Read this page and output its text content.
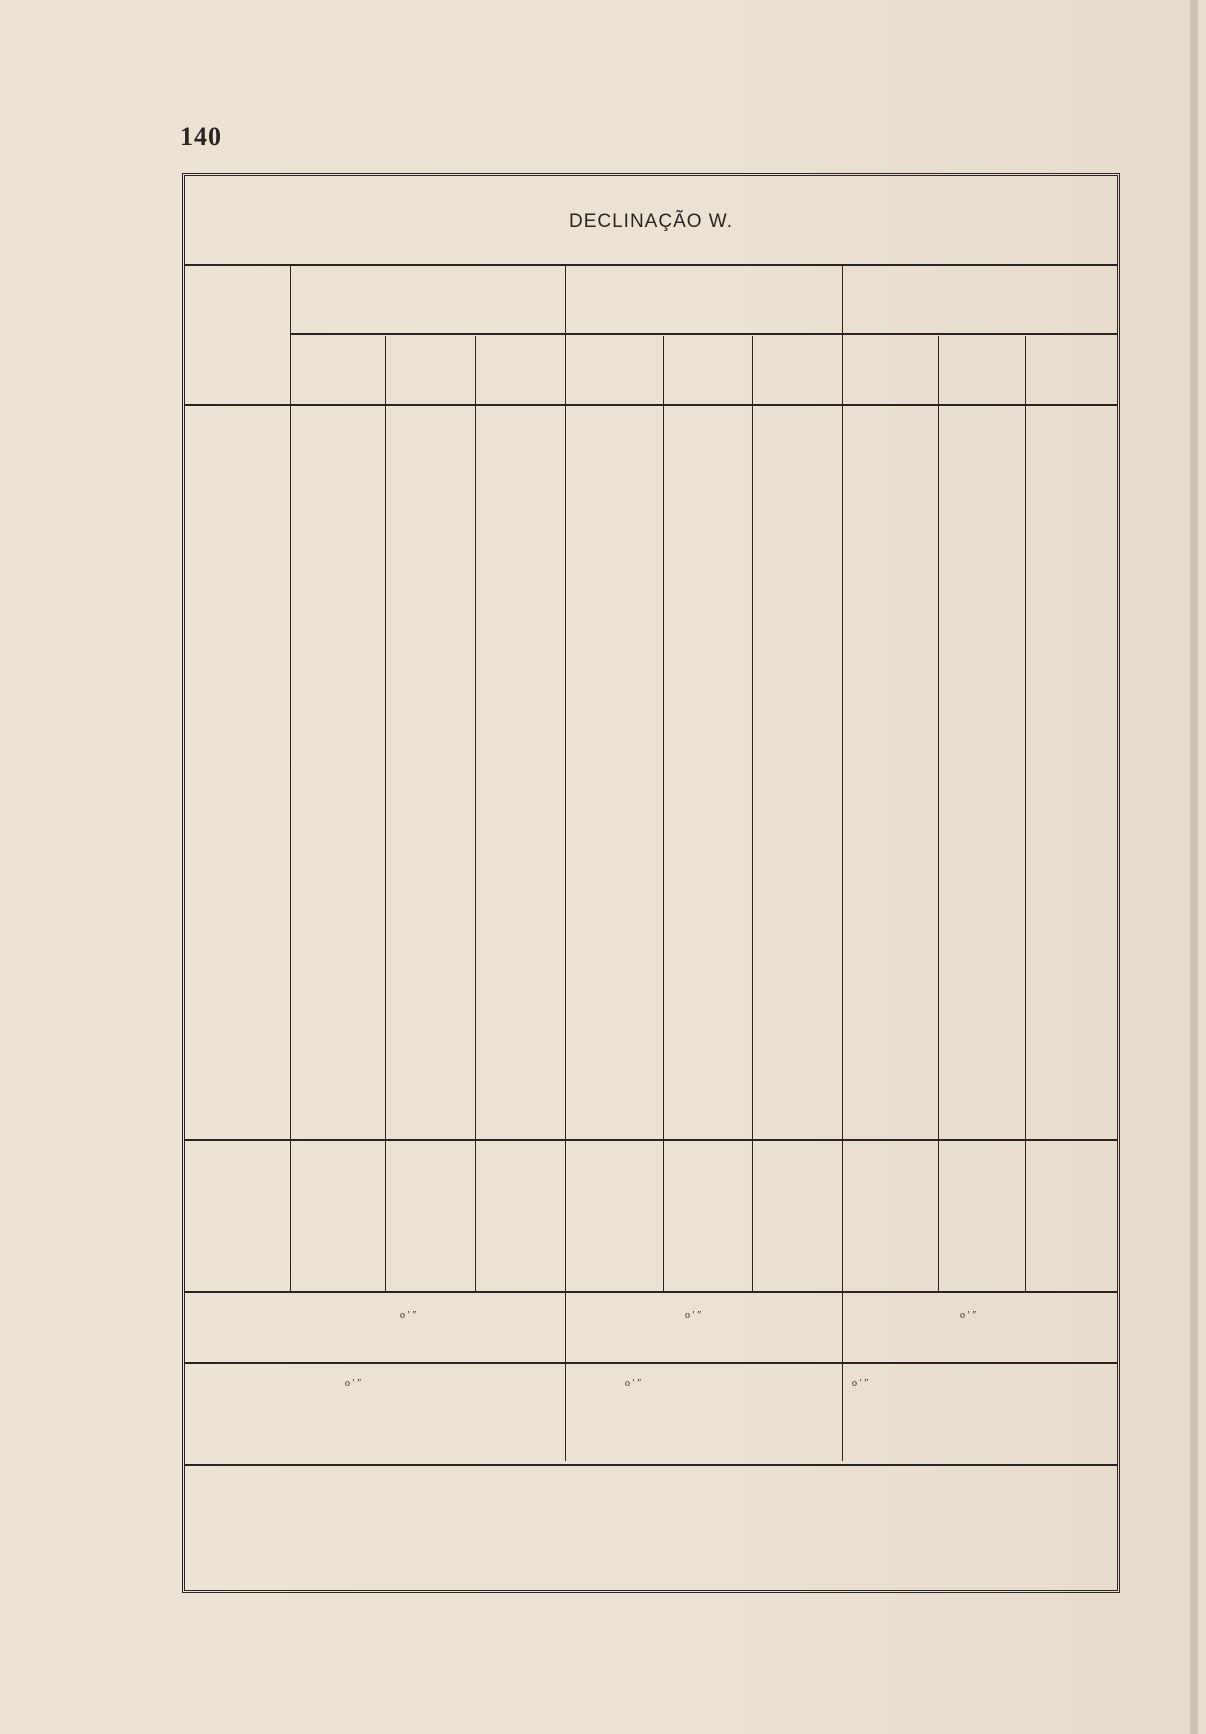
140
DECLINAÇÃO W.
o ′ ″	o ′ ″	o ′ ″
o ′ ″	o ′ ″	o ′ ″
